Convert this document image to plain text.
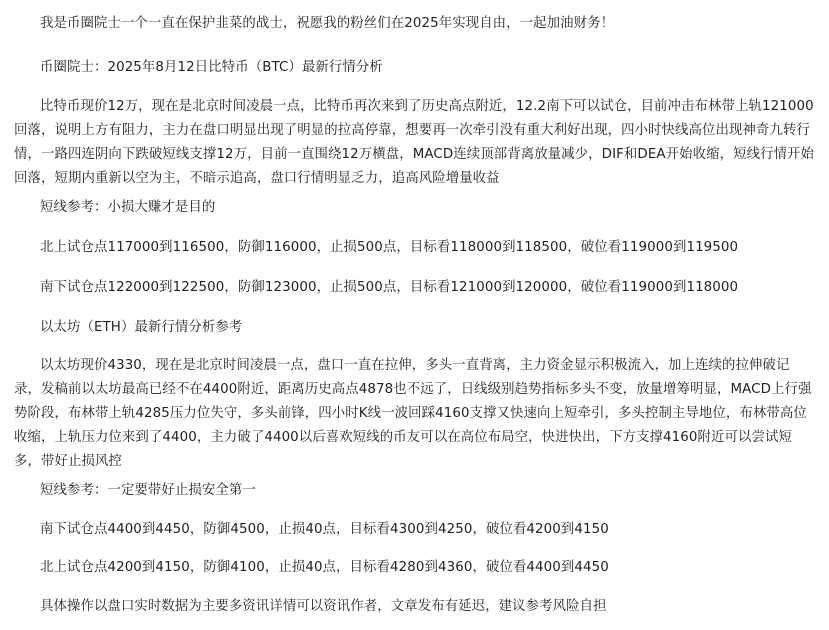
我是币圈院士一个一直在保护韭菜的战士，祝愿我的粉丝们在2025年实现自由，一起加油财务！

币圈院士：2025年8月12日比特币（BTC）最新行情分析

比特币现价12万，现在是北京时间凌晨一点，比特币再次来到了历史高点附近，12.2南下可以试仓，目前冲击布林带上轨121000回落，说明上方有阻力，主力在盘口明显出现了明显的拉高停靠，想要再一次牵引没有重大利好出现，四小时快线高位出现神奇九转行情，一路四连阴向下跌破短线支撑12万，目前一直围绕12万横盘，MACD连续顶部背离放量减少，DIF和DEA开始收缩，短线行情开始回落，短期内重新以空为主，不暗示追高，盘口行情明显乏力，追高风险增量收益

短线参考：小损大赚才是目的

北上试仓点117000到116500，防御116000，止损500点，目标看118000到118500，破位看119000到119500

南下试仓点122000到122500，防御123000，止损500点，目标看121000到120000，破位看119000到118000

以太坊（ETH）最新行情分析参考

以太坊现价4330，现在是北京时间凌晨一点，盘口一直在拉伸，多头一直背离，主力资金显示积极流入，加上连续的拉伸破记录，发稿前以太坊最高已经不在4400附近，距离历史高点4878也不远了，日线级别趋势指标多头不变，放量增筹明显，MACD上行强势阶段，布林带上轨4285压力位失守，多头前锋，四小时K线一波回踩4160支撑又快速向上短牵引，多头控制主导地位，布林带高位收缩，上轨压力位来到了4400，主力破了4400以后喜欢短线的币友可以在高位布局空，快进快出，下方支撑4160附近可以尝试短多，带好止损风控

短线参考：一定要带好止损安全第一

南下试仓点4400到4450，防御4500，止损40点，目标看4300到4250，破位看4200到4150

北上试仓点4200到4150，防御4100，止损40点，目标看4280到4360，破位看4400到4450

具体操作以盘口实时数据为主要多资讯详情可以资讯作者，文章发布有延迟，建议参考风险自担
